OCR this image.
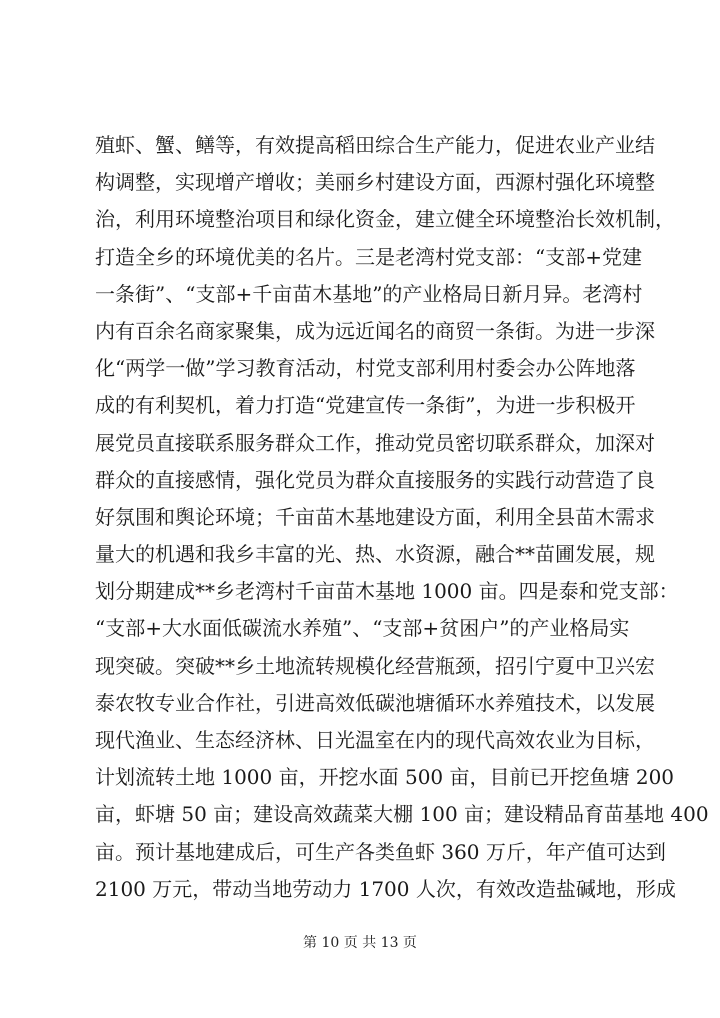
殖虾、蟹、鳝等，有效提高稻田综合生产能力，促进农业产业结
构调整，实现增产增收；美丽乡村建设方面，西源村强化环境整
治，利用环境整治项目和绿化资金，建立健全环境整治长效机制，
打造全乡的环境优美的名片。三是老湾村党支部：“支部+党建
一条街”、“支部+千亩苗木基地”的产业格局日新月异。老湾村
内有百余名商家聚集，成为远近闻名的商贸一条街。为进一步深
化“两学一做”学习教育活动，村党支部利用村委会办公阵地落
成的有利契机，着力打造“党建宣传一条街”，为进一步积极开
展党员直接联系服务群众工作，推动党员密切联系群众，加深对
群众的直接感情，强化党员为群众直接服务的实践行动营造了良
好氛围和舆论环境；千亩苗木基地建设方面，利用全县苗木需求
量大的机遇和我乡丰富的光、热、水资源，融合**苗圃发展，规
划分期建成**乡老湾村千亩苗木基地 1000 亩。四是泰和党支部：
“支部+大水面低碳流水养殖”、“支部+贫困户”的产业格局实
现突破。突破**乡土地流转规模化经营瓶颈，招引宁夏中卫兴宏
泰农牧专业合作社，引进高效低碳池塘循环水养殖技术，以发展
现代渔业、生态经济林、日光温室在内的现代高效农业为目标，
计划流转土地 1000 亩，开挖水面 500 亩，目前已开挖鱼塘 200
亩，虾塘 50 亩；建设高效蔬菜大棚 100 亩；建设精品育苗基地 400
亩。预计基地建成后，可生产各类鱼虾 360 万斤，年产值可达到
2100 万元，带动当地劳动力 1700 人次，有效改造盐碱地，形成
第 10 页 共 13 页
